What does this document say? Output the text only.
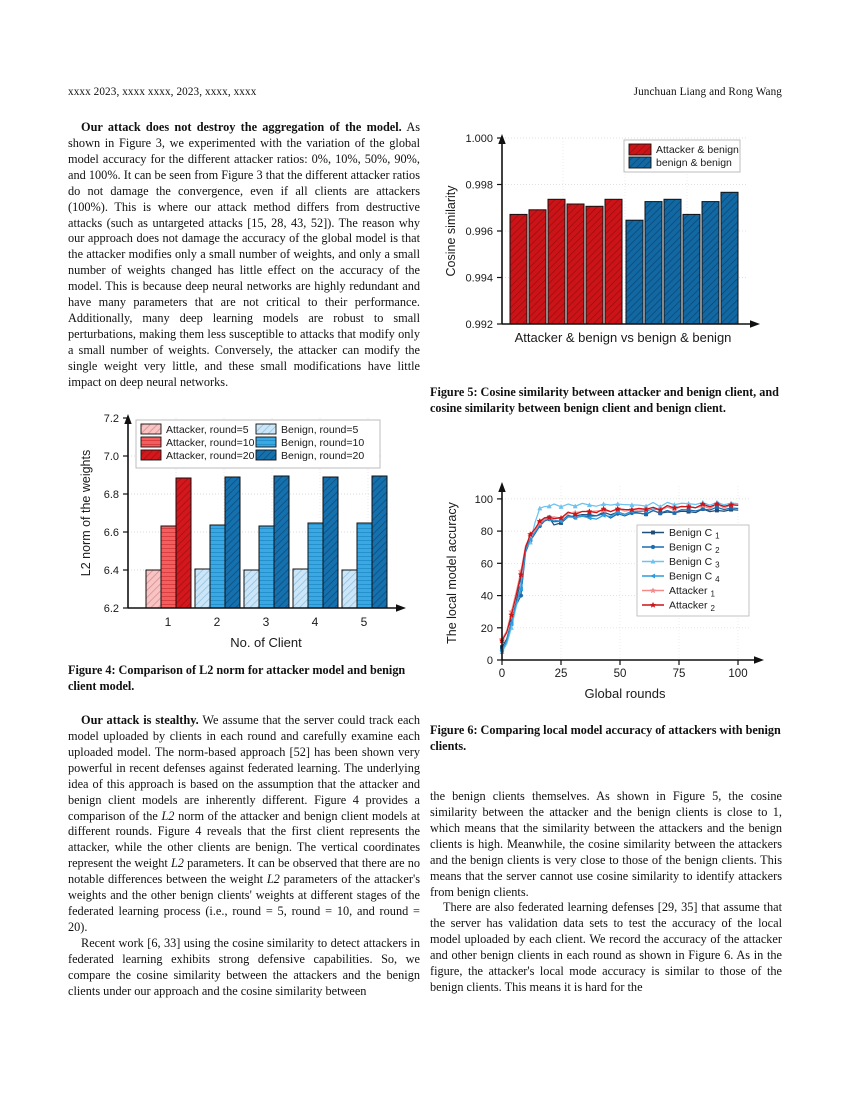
xxxx 2023, xxxx xxxx, 2023, xxxx, xxxx	Junchuan Liang and Rong Wang

Our attack does not destroy the aggregation of the model. As shown in Figure 3, we experimented with the variation of the global model accuracy for the different attacker ratios: 0%, 10%, 50%, 90%, and 100%. It can be seen from Figure 3 that the different attacker ratios do not damage the convergence, even if all clients are attackers (100%). This is where our attack method differs from destructive attacks (such as untargeted attacks [15, 28, 43, 52]). The reason why our approach does not damage the accuracy of the global model is that the attacker modifies only a small number of weights, and only a small number of weights changed has little effect on the accuracy of the model. This is because deep neural networks are highly redundant and have many parameters that are not critical to their performance. Additionally, many deep learning models are robust to small perturbations, making them less susceptible to attacks that modify only a small number of weights. Conversely, the attacker can modify the single weight very little, and these small modifications have little impact on deep neural networks.

6.2
6.4
6.6
6.8
7.0
7.2
1	2	3	4	5
No. of Client
L2 norm of the weights
Attacker, round=5
Attacker, round=10
Attacker, round=20
Benign, round=5
Benign, round=10
Benign, round=20

Figure 4: Comparison of L2 norm for attacker model and benign client model.

Our attack is stealthy. We assume that the server could track each model uploaded by clients in each round and carefully examine each uploaded model. The norm-based approach [52] has been shown very powerful in recent defenses against federated learning. The underlying idea of this approach is based on the assumption that the attacker and benign client models are inherently different. Figure 4 provides a comparison of the L2 norm of the attacker and benign client models at different rounds. Figure 4 reveals that the first client represents the attacker, while the other clients are benign. The vertical coordinates represent the weight L2 parameters. It can be observed that there are no notable differences between the weight L2 parameters of the attacker's weights and the other benign clients' weights at different stages of the federated learning process (i.e., round = 5, round = 10, and round = 20).

Recent work [6, 33] using the cosine similarity to detect attackers in federated learning exhibits strong defensive capabilities. So, we compare the cosine similarity between the attackers and the benign clients under our approach and the cosine similarity between

0.992
0.994
0.996
0.998
1.000
Attacker & benign vs benign & benign
Cosine similarity
Attacker & benign
benign & benign

Figure 5: Cosine similarity between attacker and benign client, and cosine similarity between benign client and benign client.

0
20
40
60
80
100
0	25	50	75	100
Global rounds
The local model accuracy	Benign C $_1$
Benign C $_2$
Benign C $_3$
Benign C $_4$
Attacker $_1$
Attacker $_2$

Figure 6: Comparing local model accuracy of attackers with benign clients.

the benign clients themselves. As shown in Figure 5, the cosine similarity between the attacker and the benign clients is close to 1, which means that the similarity between the attackers and the benign clients is high. Meanwhile, the cosine similarity between the attackers and the benign clients is very close to those of the benign clients. This means that the server cannot use cosine similarity to identify attackers from benign clients.

There are also federated learning defenses [29, 35] that assume that the server has validation data sets to test the accuracy of the local model uploaded by each client. We record the accuracy of the attacker and other benign clients in each round as shown in Figure 6. As in the figure, the attacker's local mode accuracy is similar to those of the benign clients. This means it is hard for the
